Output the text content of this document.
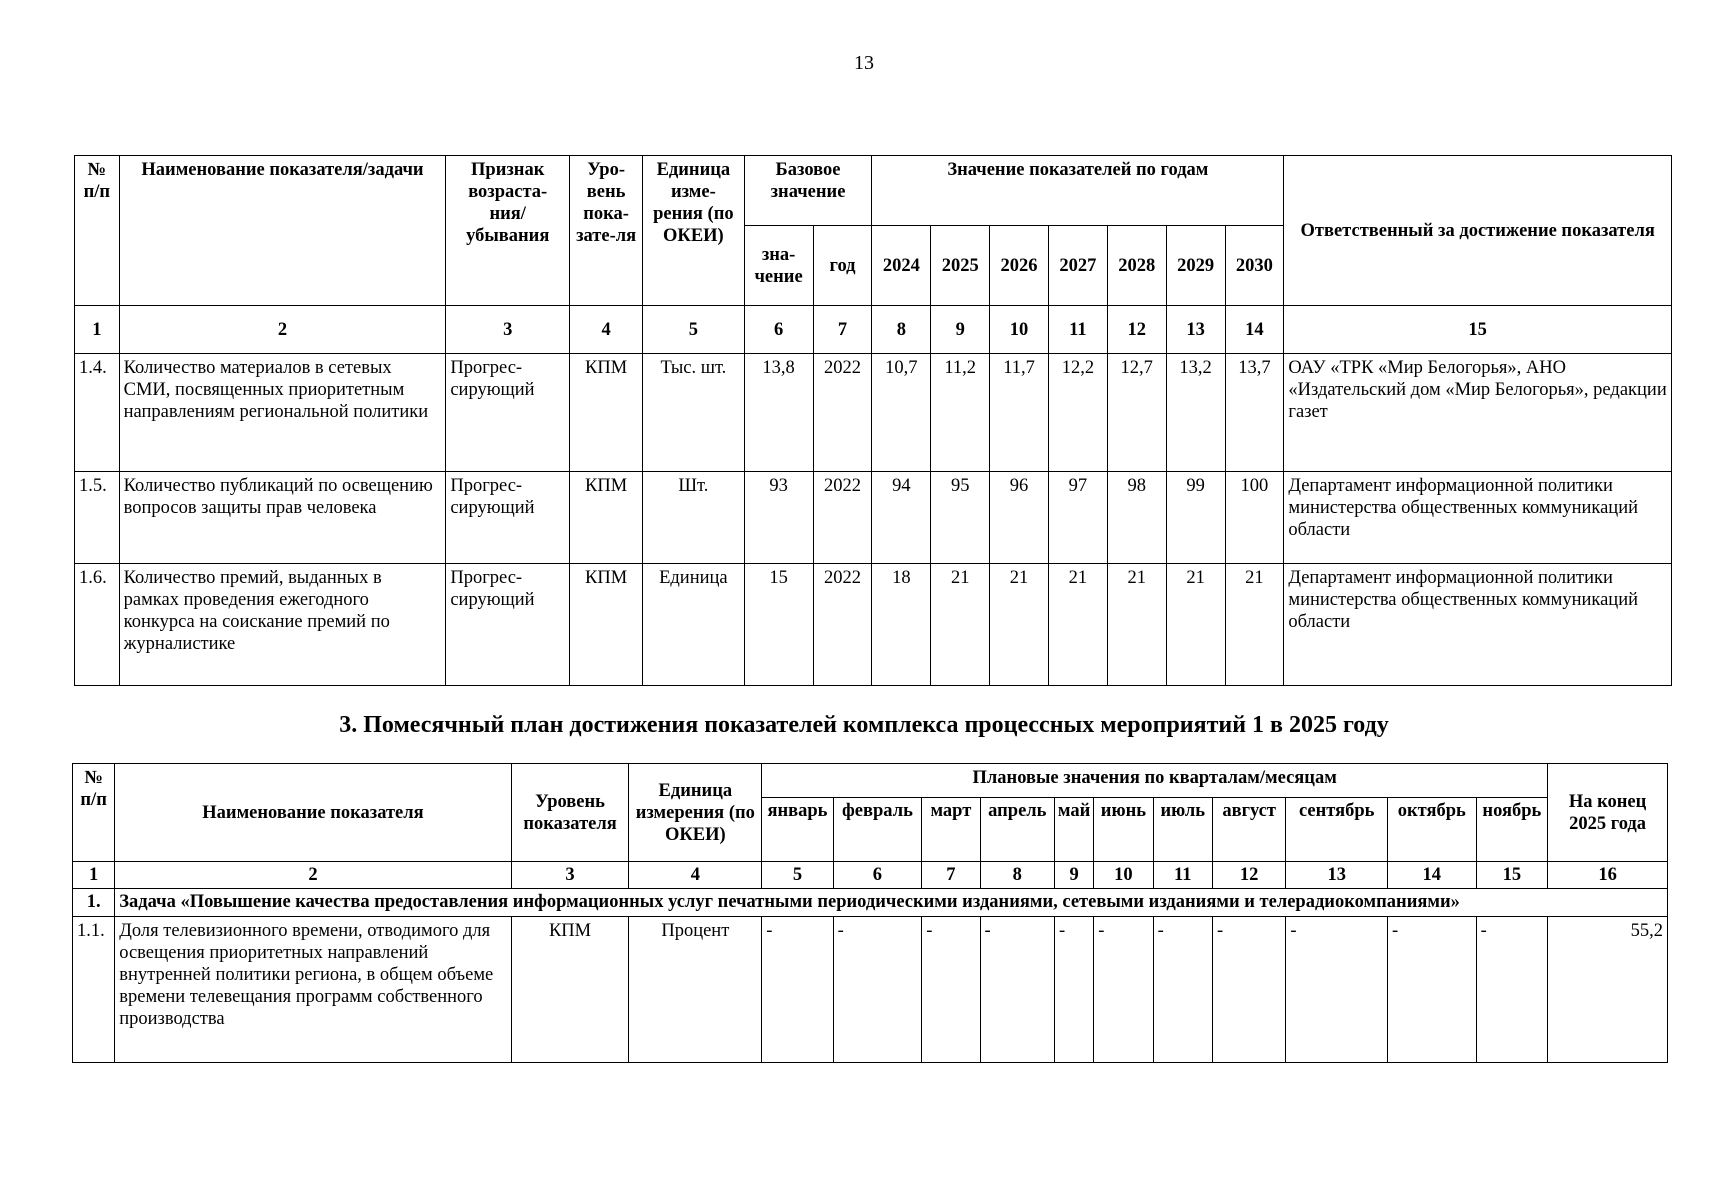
13
№ п/п	Наименование показателя/задачи	Признак возраста-ния/ убывания	Уро-вень пока-зате-ля	Единица изме-рения (по ОКЕИ)	Базовое значение		Значение показателей по годам							Ответственный за достижение показателя
					зна-чение	год	2024	2025	2026	2027	2028	2029	2030	
1	2	3	4	5	6	7	8	9	10	11	12	13	14	15
1.4.	Количество материалов в сетевых СМИ, посвященных приоритетным направлениям региональной политики	Прогрес-сирующий	КПМ	Тыс. шт.	13,8	2022	10,7	11,2	11,7	12,2	12,7	13,2	13,7	ОАУ «ТРК «Мир Белогорья», АНО «Издательский дом «Мир Белогорья», редакции газет
1.5.	Количество публикаций по освещению вопросов защиты прав человека	Прогрес-сирующий	КПМ	Шт.	93	2022	94	95	96	97	98	99	100	Департамент информационной политики министерства общественных коммуникаций области
1.6.	Количество премий, выданных в рамках проведения ежегодного конкурса на соискание премий по журналистике	Прогрес-сирующий	КПМ	Единица	15	2022	18	21	21	21	21	21	21	Департамент информационной политики министерства общественных коммуникаций области
3. Помесячный план достижения показателей комплекса процессных мероприятий 1 в 2025 году
№ п/п	Наименование показателя	Уровень показателя	Единица измерения (по ОКЕИ)	Плановые значения по кварталам/месяцам											На конец 2025 года
				январь	февраль	март	апрель	май	июнь	июль	август	сентябрь	октябрь	ноябрь	
1	2	3	4	5	6	7	8	9	10	11	12	13	14	15	16
1.	Задача «Повышение качества предоставления информационных услуг печатными периодическими изданиями, сетевыми изданиями и телерадиокомпаниями»														
1.1.	Доля телевизионного времени, отводимого для освещения приоритетных направлений внутренней политики региона, в общем объеме времени телевещания программ собственного производства	КПМ	Процент	-	-	-	-	-	-	-	-	-	-	-	55,2
